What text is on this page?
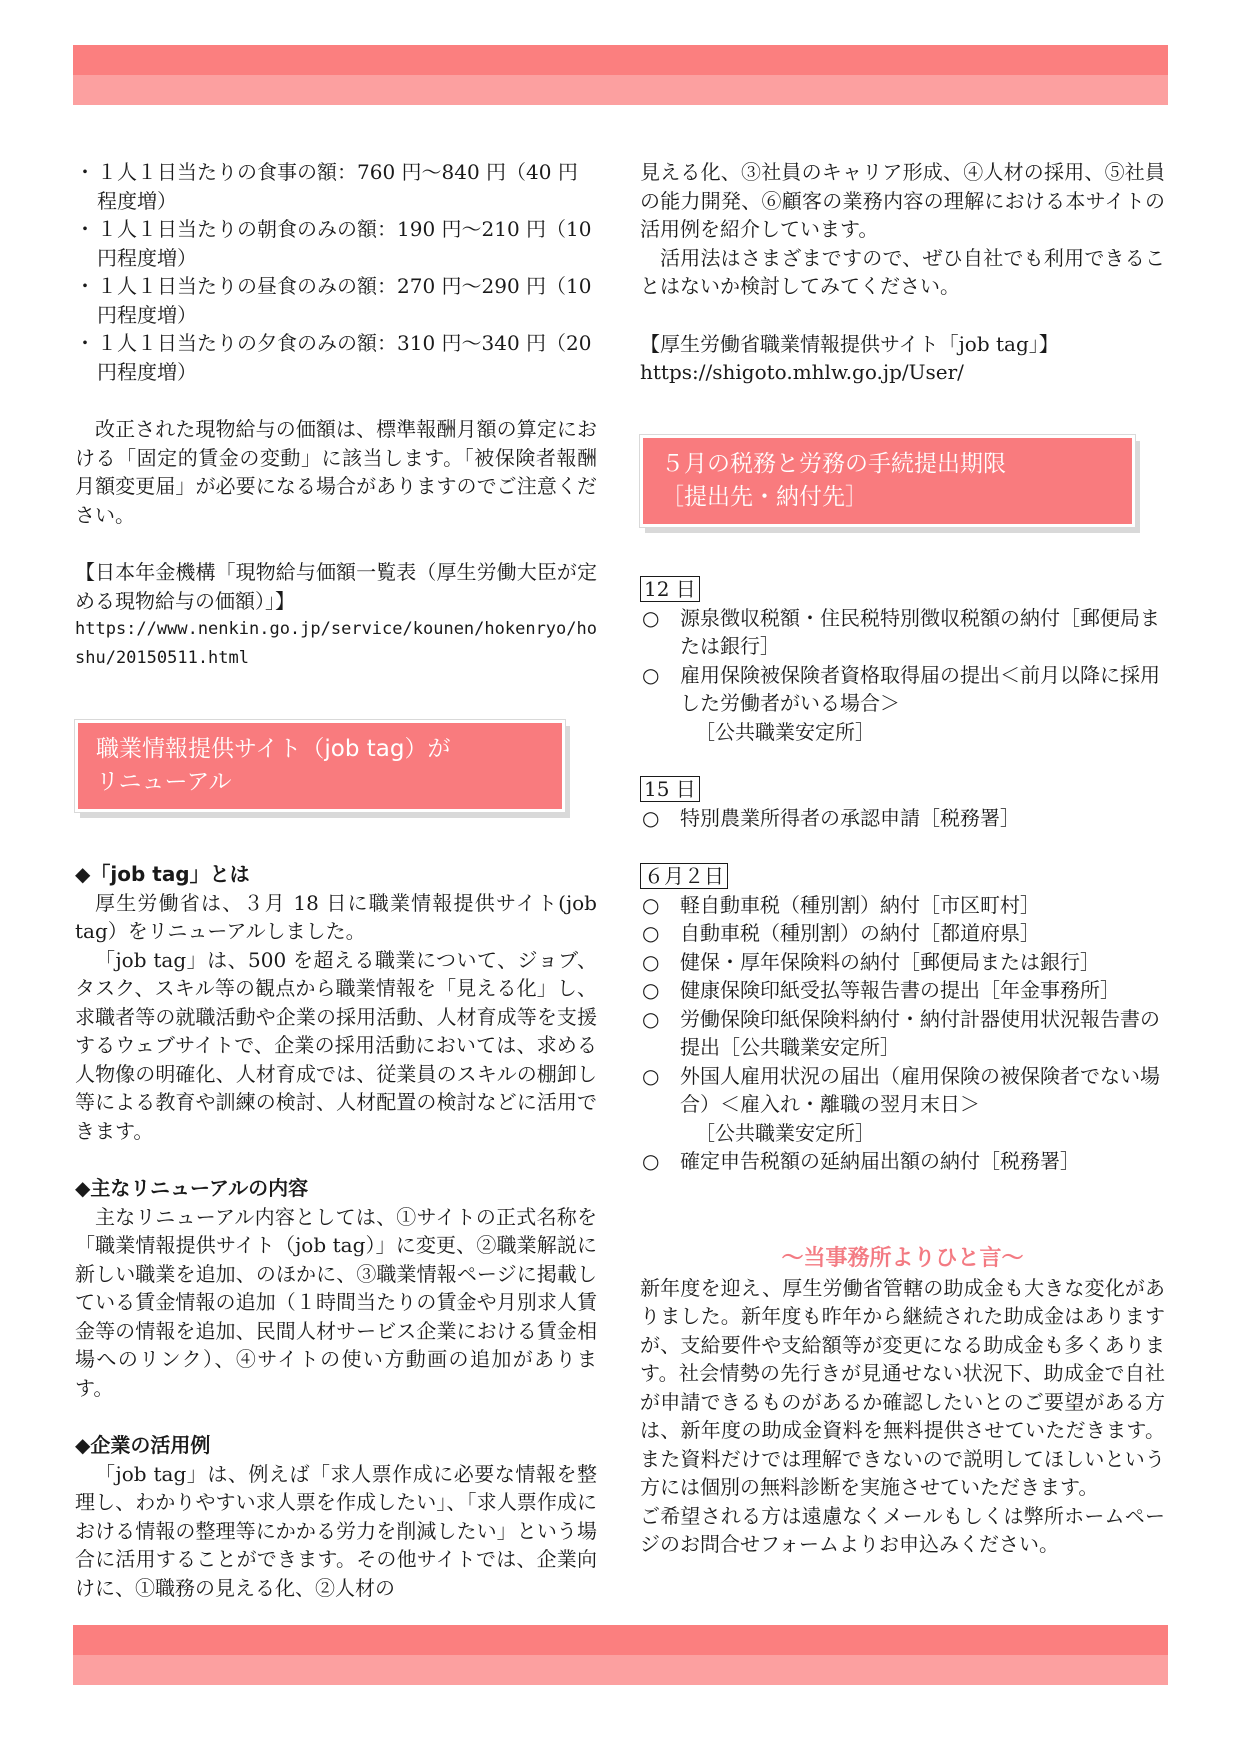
・ １人１日当たりの食事の額：760 円～840 円（40 円程度増）
・ １人１日当たりの朝食のみの額：190 円～210 円（10 円程度増）
・ １人１日当たりの昼食のみの額：270 円～290 円（10 円程度増）
・ １人１日当たりの夕食のみの額：310 円～340 円（20 円程度増）

改正された現物給与の価額は、標準報酬月額の算定における「固定的賃金の変動」に該当します。「被保険者報酬月額変更届」が必要になる場合がありますのでご注意ください。

【日本年金機構「現物給与価額一覧表（厚生労働大臣が定める現物給与の価額）」】

https://www.nenkin.go.jp/service/kounen/hokenryo/hoshu/20150511.html

職業情報提供サイト（job tag）が
リニューアル
◆「job tag」とは

厚生労働省は、３月 18 日に職業情報提供サイト(job tag）をリニューアルしました。

「job tag」は、500 を超える職業について、ジョブ、タスク、スキル等の観点から職業情報を「見える化」し、求職者等の就職活動や企業の採用活動、人材育成等を支援するウェブサイトで、企業の採用活動においては、求める人物像の明確化、人材育成では、従業員のスキルの棚卸し等による教育や訓練の検討、人材配置の検討などに活用できます。

◆主なリニューアルの内容

主なリニューアル内容としては、①サイトの正式名称を「職業情報提供サイト（job tag）」に変更、②職業解説に新しい職業を追加、のほかに、③職業情報ページに掲載している賃金情報の追加（１時間当たりの賃金や月別求人賃金等の情報を追加、民間人材サービス企業における賃金相場へのリンク）、④サイトの使い方動画の追加があります。

◆企業の活用例

「job tag」は、例えば「求人票作成に必要な情報を整理し、わかりやすい求人票を作成したい」、「求人票作成における情報の整理等にかかる労力を削減したい」という場合に活用することができます。その他サイトでは、企業向けに、①職務の見える化、②人材の

見える化、③社員のキャリア形成、④人材の採用、⑤社員の能力開発、⑥顧客の業務内容の理解における本サイトの活用例を紹介しています。

活用法はさまざまですので、ぜひ自社でも利用できることはないか検討してみてください。

【厚生労働省職業情報提供サイト「job tag」】

https://shigoto.mhlw.go.jp/User/

５月の税務と労務の手続提出期限
［提出先・納付先］
12 日
○ 源泉徴収税額・住民税特別徴収税額の納付［郵便局または銀行］
○ 雇用保険被保険者資格取得届の提出＜前月以降に採用した労働者がいる場合＞
［公共職業安定所］
15 日
○ 特別農業所得者の承認申請［税務署］
６月２日
○ 軽自動車税（種別割）納付［市区町村］
○ 自動車税（種別割）の納付［都道府県］
○ 健保・厚年保険料の納付［郵便局または銀行］
○ 健康保険印紙受払等報告書の提出［年金事務所］
○ 労働保険印紙保険料納付・納付計器使用状況報告書の提出［公共職業安定所］
○ 外国人雇用状況の届出（雇用保険の被保険者でない場合）＜雇入れ・離職の翌月末日＞
［公共職業安定所］
○ 確定申告税額の延納届出額の納付［税務署］
～当事務所よりひと言～

新年度を迎え、厚生労働省管轄の助成金も大きな変化がありました。新年度も昨年から継続された助成金はありますが、支給要件や支給額等が変更になる助成金も多くあります。社会情勢の先行きが見通せない状況下、助成金で自社が申請できるものがあるか確認したいとのご要望がある方は、新年度の助成金資料を無料提供させていただきます。また資料だけでは理解できないので説明してほしいという方には個別の無料診断を実施させていただきます。

ご希望される方は遠慮なくメールもしくは弊所ホームページのお問合せフォームよりお申込みください。
